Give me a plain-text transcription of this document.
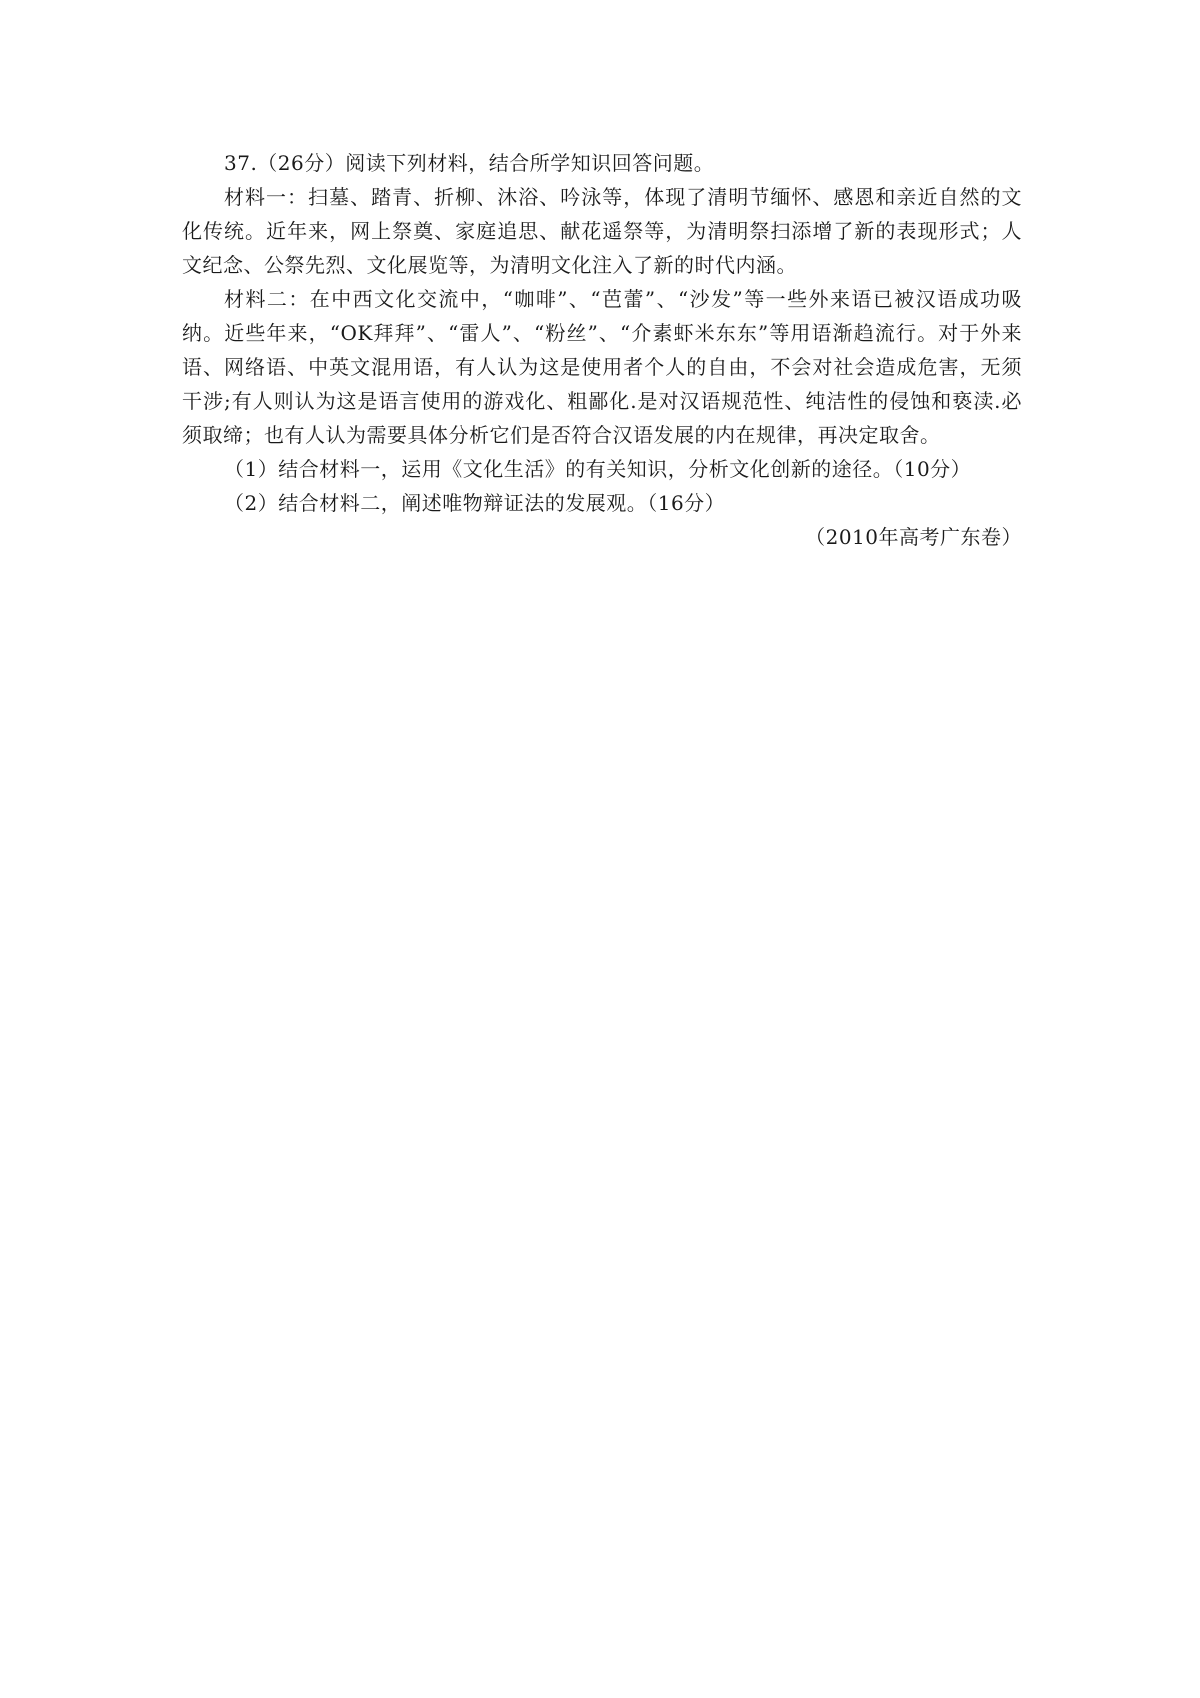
37.（26分）阅读下列材料，结合所学知识回答问题。

材料一：扫墓、踏青、折柳、沐浴、吟泳等，体现了清明节缅怀、感恩和亲近自然的文化传统。近年来，网上祭奠、家庭追思、献花遥祭等，为清明祭扫添增了新的表现形式；人文纪念、公祭先烈、文化展览等，为清明文化注入了新的时代内涵。

材料二：在中西文化交流中，“咖啡”、“芭蕾”、“沙发”等一些外来语已被汉语成功吸纳。近些年来，“OK拜拜”、“雷人”、“粉丝”、“介素虾米东东”等用语渐趋流行。对于外来语、网络语、中英文混用语，有人认为这是使用者个人的自由，不会对社会造成危害，无须干涉;有人则认为这是语言使用的游戏化、粗鄙化.是对汉语规范性、纯洁性的侵蚀和亵渎.必须取缔；也有人认为需要具体分析它们是否符合汉语发展的内在规律，再决定取舍。

（1）结合材料一，运用《文化生活》的有关知识，分析文化创新的途径。（10分）

（2）结合材料二，阐述唯物辩证法的发展观。（16分）

（2010年高考广东卷）
